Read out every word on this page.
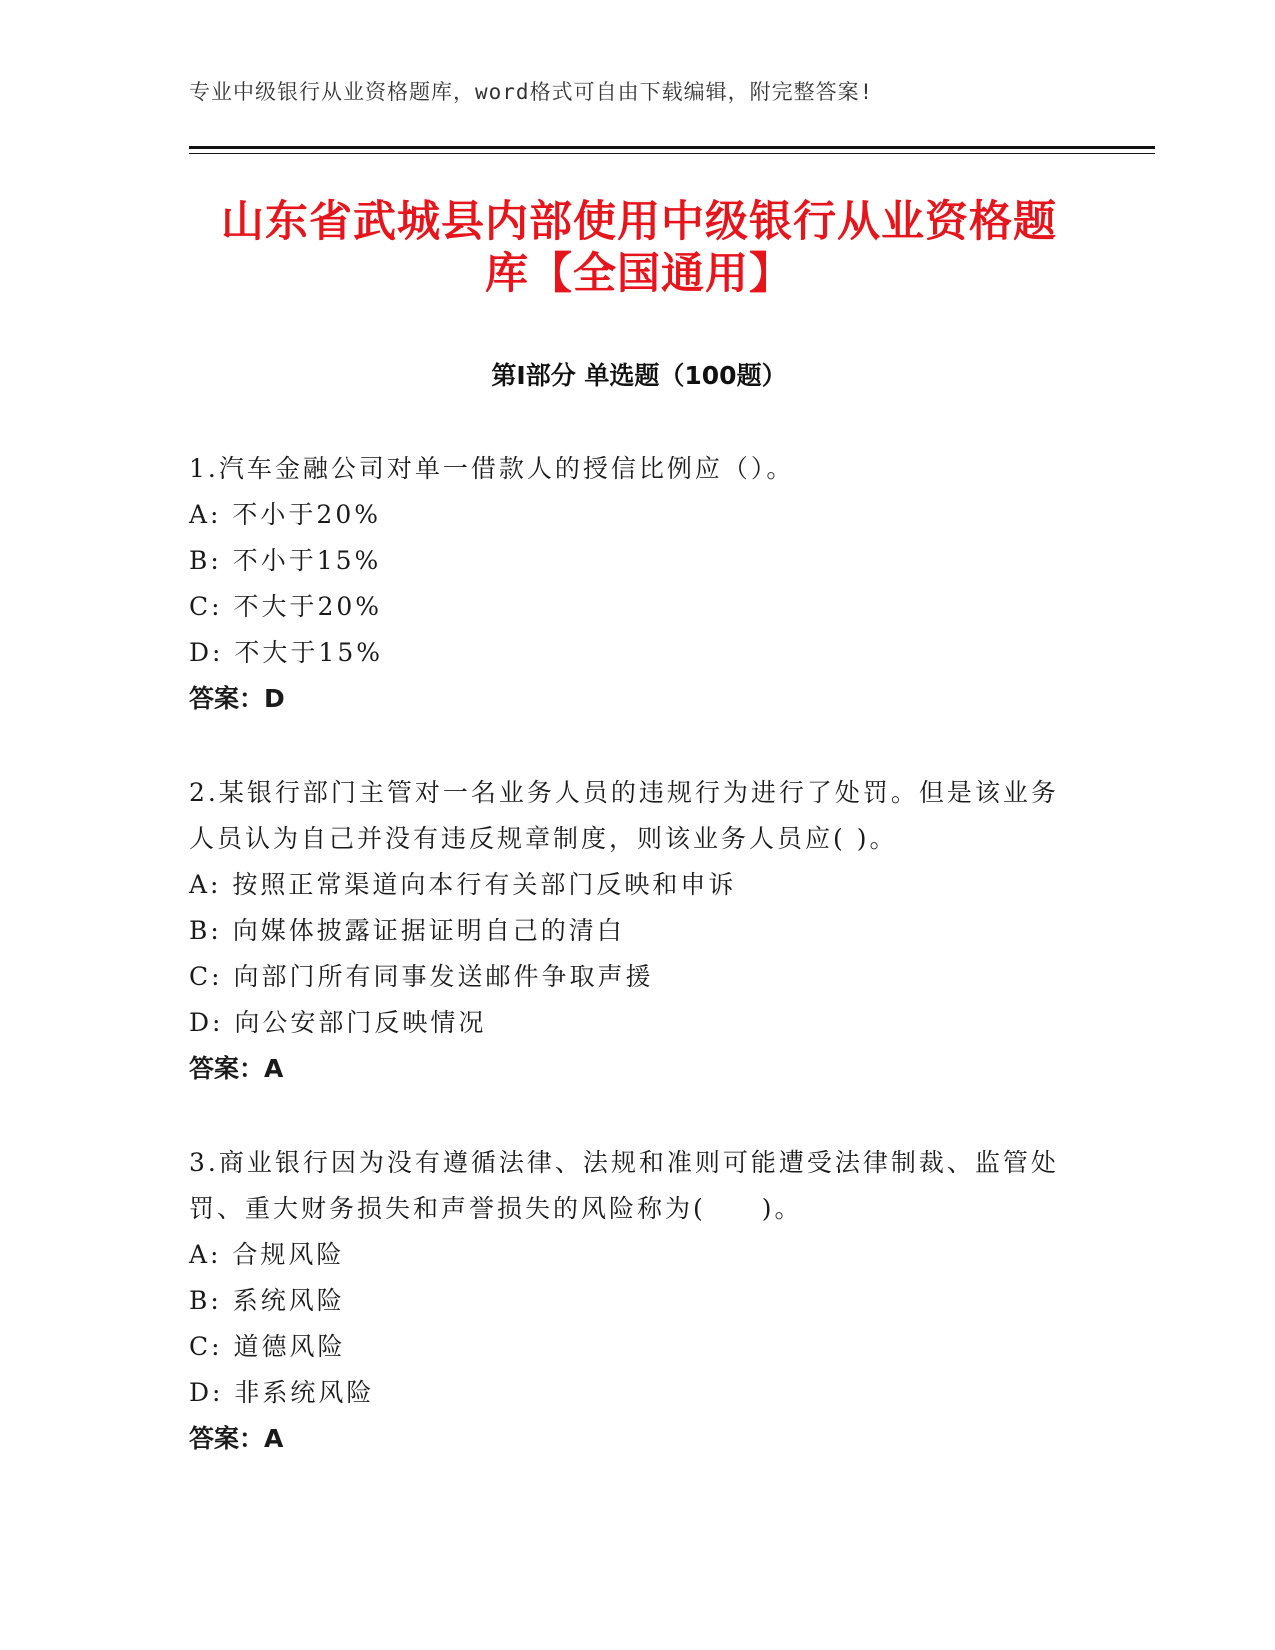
专业中级银行从业资格题库，word格式可自由下载编辑，附完整答案!
山东省武城县内部使用中级银行从业资格题
库【全国通用】
第Ⅰ部分 单选题（100题）

1.汽车金融公司对单一借款人的授信比例应（）。

A: 不小于20%

B: 不小于15%

C: 不大于20%

D: 不大于15%

答案：D

2.某银行部门主管对一名业务人员的违规行为进行了处罚。但是该业务人员认为自己并没有违反规章制度，则该业务人员应( )。

A: 按照正常渠道向本行有关部门反映和申诉

B: 向媒体披露证据证明自己的清白

C: 向部门所有同事发送邮件争取声援

D: 向公安部门反映情况

答案：A

3.商业银行因为没有遵循法律、法规和准则可能遭受法律制裁、监管处罚、重大财务损失和声誉损失的风险称为(　　)。

A: 合规风险

B: 系统风险

C: 道德风险

D: 非系统风险

答案：A
